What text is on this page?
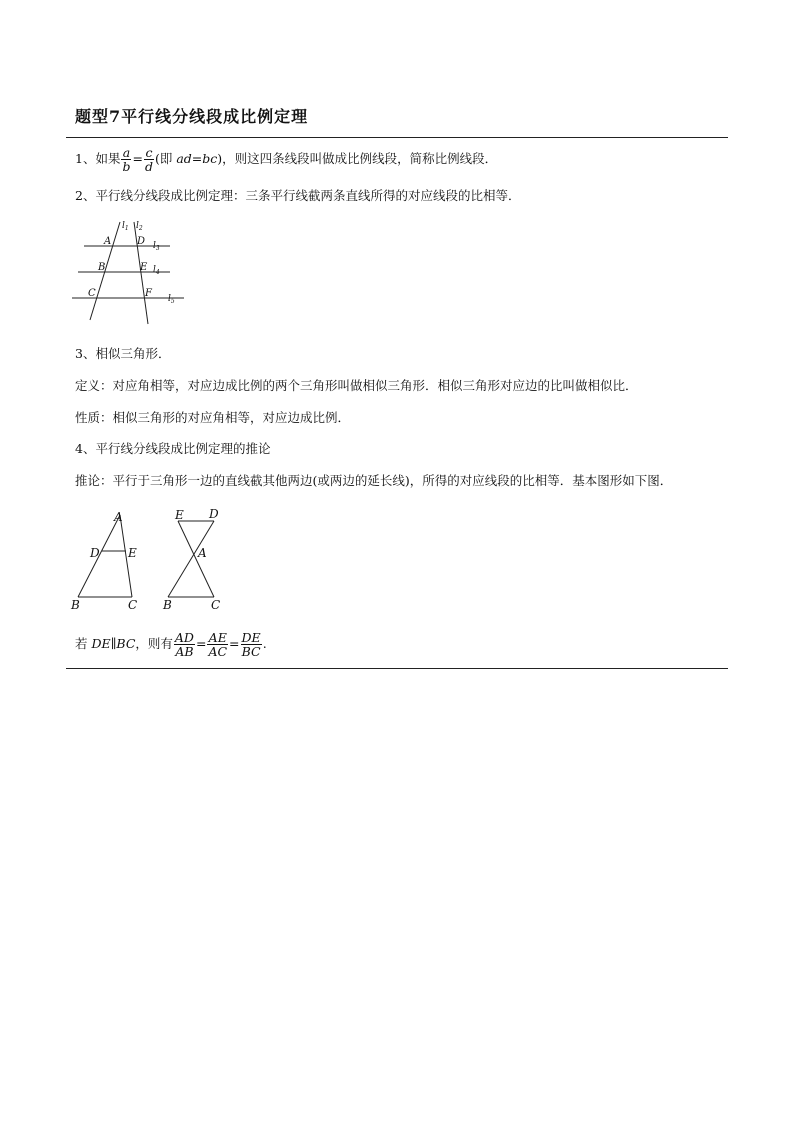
题型7平行线分线段成比例定理
1、如果 $\frac{a}{b} = \frac{c}{d}$ (即 ad=bc)，则这四条线段叫做成比例线段，简称比例线段．
2、平行线分线段成比例定理：三条平行线截两条直线所得的对应线段的比相等．
A
B
C
D
E
F
$l_1$ $l_2$
$l_3$
$l_4$
$l_5$
3、相似三角形．
定义：对应角相等，对应边成比例的两个三角形叫做相似三角形．相似三角形对应边的比叫做相似比．
性质：相似三角形的对应角相等，对应边成比例．
4、平行线分线段成比例定理的推论
推论：平行于三角形一边的直线截其他两边(或两边的延长线)，所得的对应线段的比相等．基本图形如下图．
A
D E
B	C
E D
A
B	C
若 DE∥BC，则有 $\frac{AD}{AB} = \frac{AE}{AC} = \frac{DE}{BC}$ .
